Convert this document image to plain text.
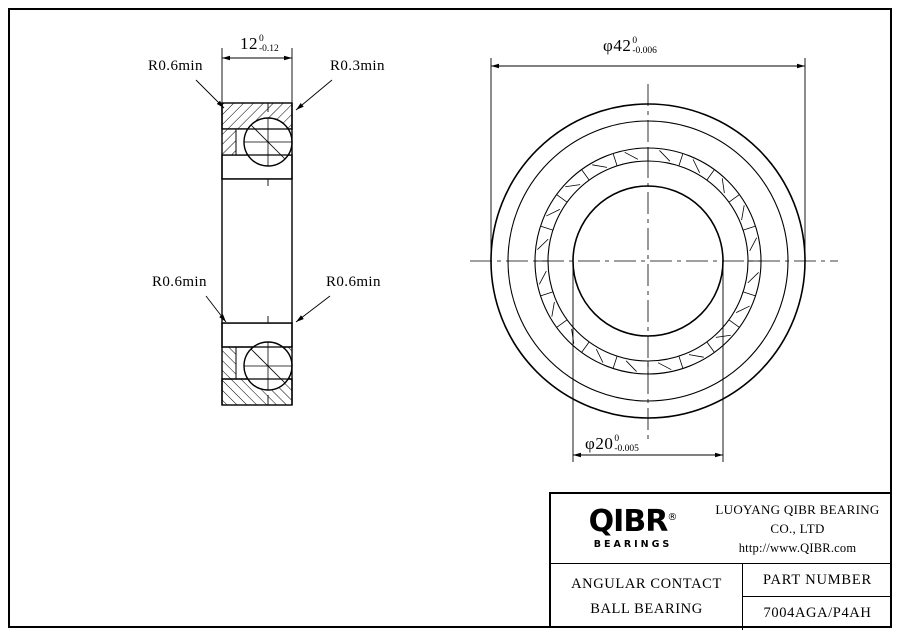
R0.6min	R0.3min
R0.6min	R0.6min
12 0
-0.12	φ42 0
-0.006
φ20 0
-0.005
QIBR®
BEARINGS
LUOYANG QIBR BEARING CO., LTD
http://www.QIBR.com
ANGULAR CONTACT
BALL BEARING
PART NUMBER
7004AGA/P4AH
